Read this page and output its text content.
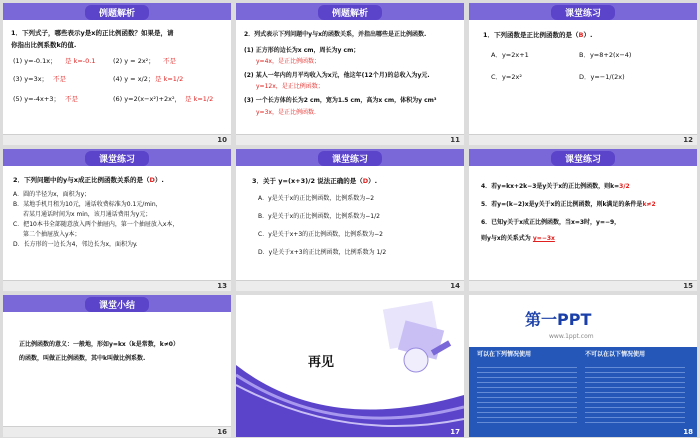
例题解析
1．下列式子，哪些表示y是x的正比例函数？如果是，请
你指出比例系数k的值.
(1) y=-0.1x； 是 k=-0.1	(2) y = 2x²； 不是
(3) y=3x； 不是	(4) y = x/2； 是 k=1/2
(5) y=-4x+3； 不是	(6) y=2(x−x²)+2x²， 是 k=1/2
10
例题解析
2．列式表示下列问题中y与x的函数关系，并指出哪些是正比例函数.
(1) 正方形的边长为x cm，周长为y cm；
y=4x，是正比例函数；
(2) 某人一年内的月平均收入为x元，他这年(12个月)的总收入为y元.
y=12x，是正比例函数；
(3) 一个长方体的长为2 cm，宽为1.5 cm，高为x cm，体积为y cm³
y=3x，是正比例函数.
11
课堂练习
1．下列函数是正比例函数的是（B）.
A．y=2x+1	B．y=8+2(x−4)
C．y=2x²	D．y=−1/(2x)
12
课堂练习
2．下列问题中的y与x成正比例函数关系的是（D）.
A．圆的半径为x，面积为y；
B．某地手机月租为10元，通话收费标准为0.1元/min，
若某月通话时间为x min，该月通话费用为y元；
C．把10本书全部随意放入两个抽屉内，第一个抽屉放入x本，
第二个抽屉放入y本；
D．长方形的一边长为4，邻边长为x，面积为y.
13
课堂练习
3．关于 y=(x+3)/2 说法正确的是（D）.
A．y是关于x的正比例函数，比例系数为−2
B．y是关于x的正比例函数，比例系数为−1/2
C．y是关于x+3的正比例函数，比例系数为−2
D．y是关于x+3的正比例函数，比例系数为 1/2
14
课堂练习
4．若y=kx+2k−3是y关于x的正比例函数，则k=3/2
5．若y=(k−2)x是y关于x的正比例函数，则k满足的条件是k≠2
6．已知y关于x成正比例函数，当x=3时，y=−9，
则y与x的关系式为 y=−3x
15
课堂小结
正比例函数的意义：一般地，形如y=kx（k是常数，k≠0）
的函数，叫做正比例函数，其中k叫做比例系数.
16
再见
17
第一PPT
www.1ppt.com
可以在下列情况使用	不可以在以下情况使用
18
